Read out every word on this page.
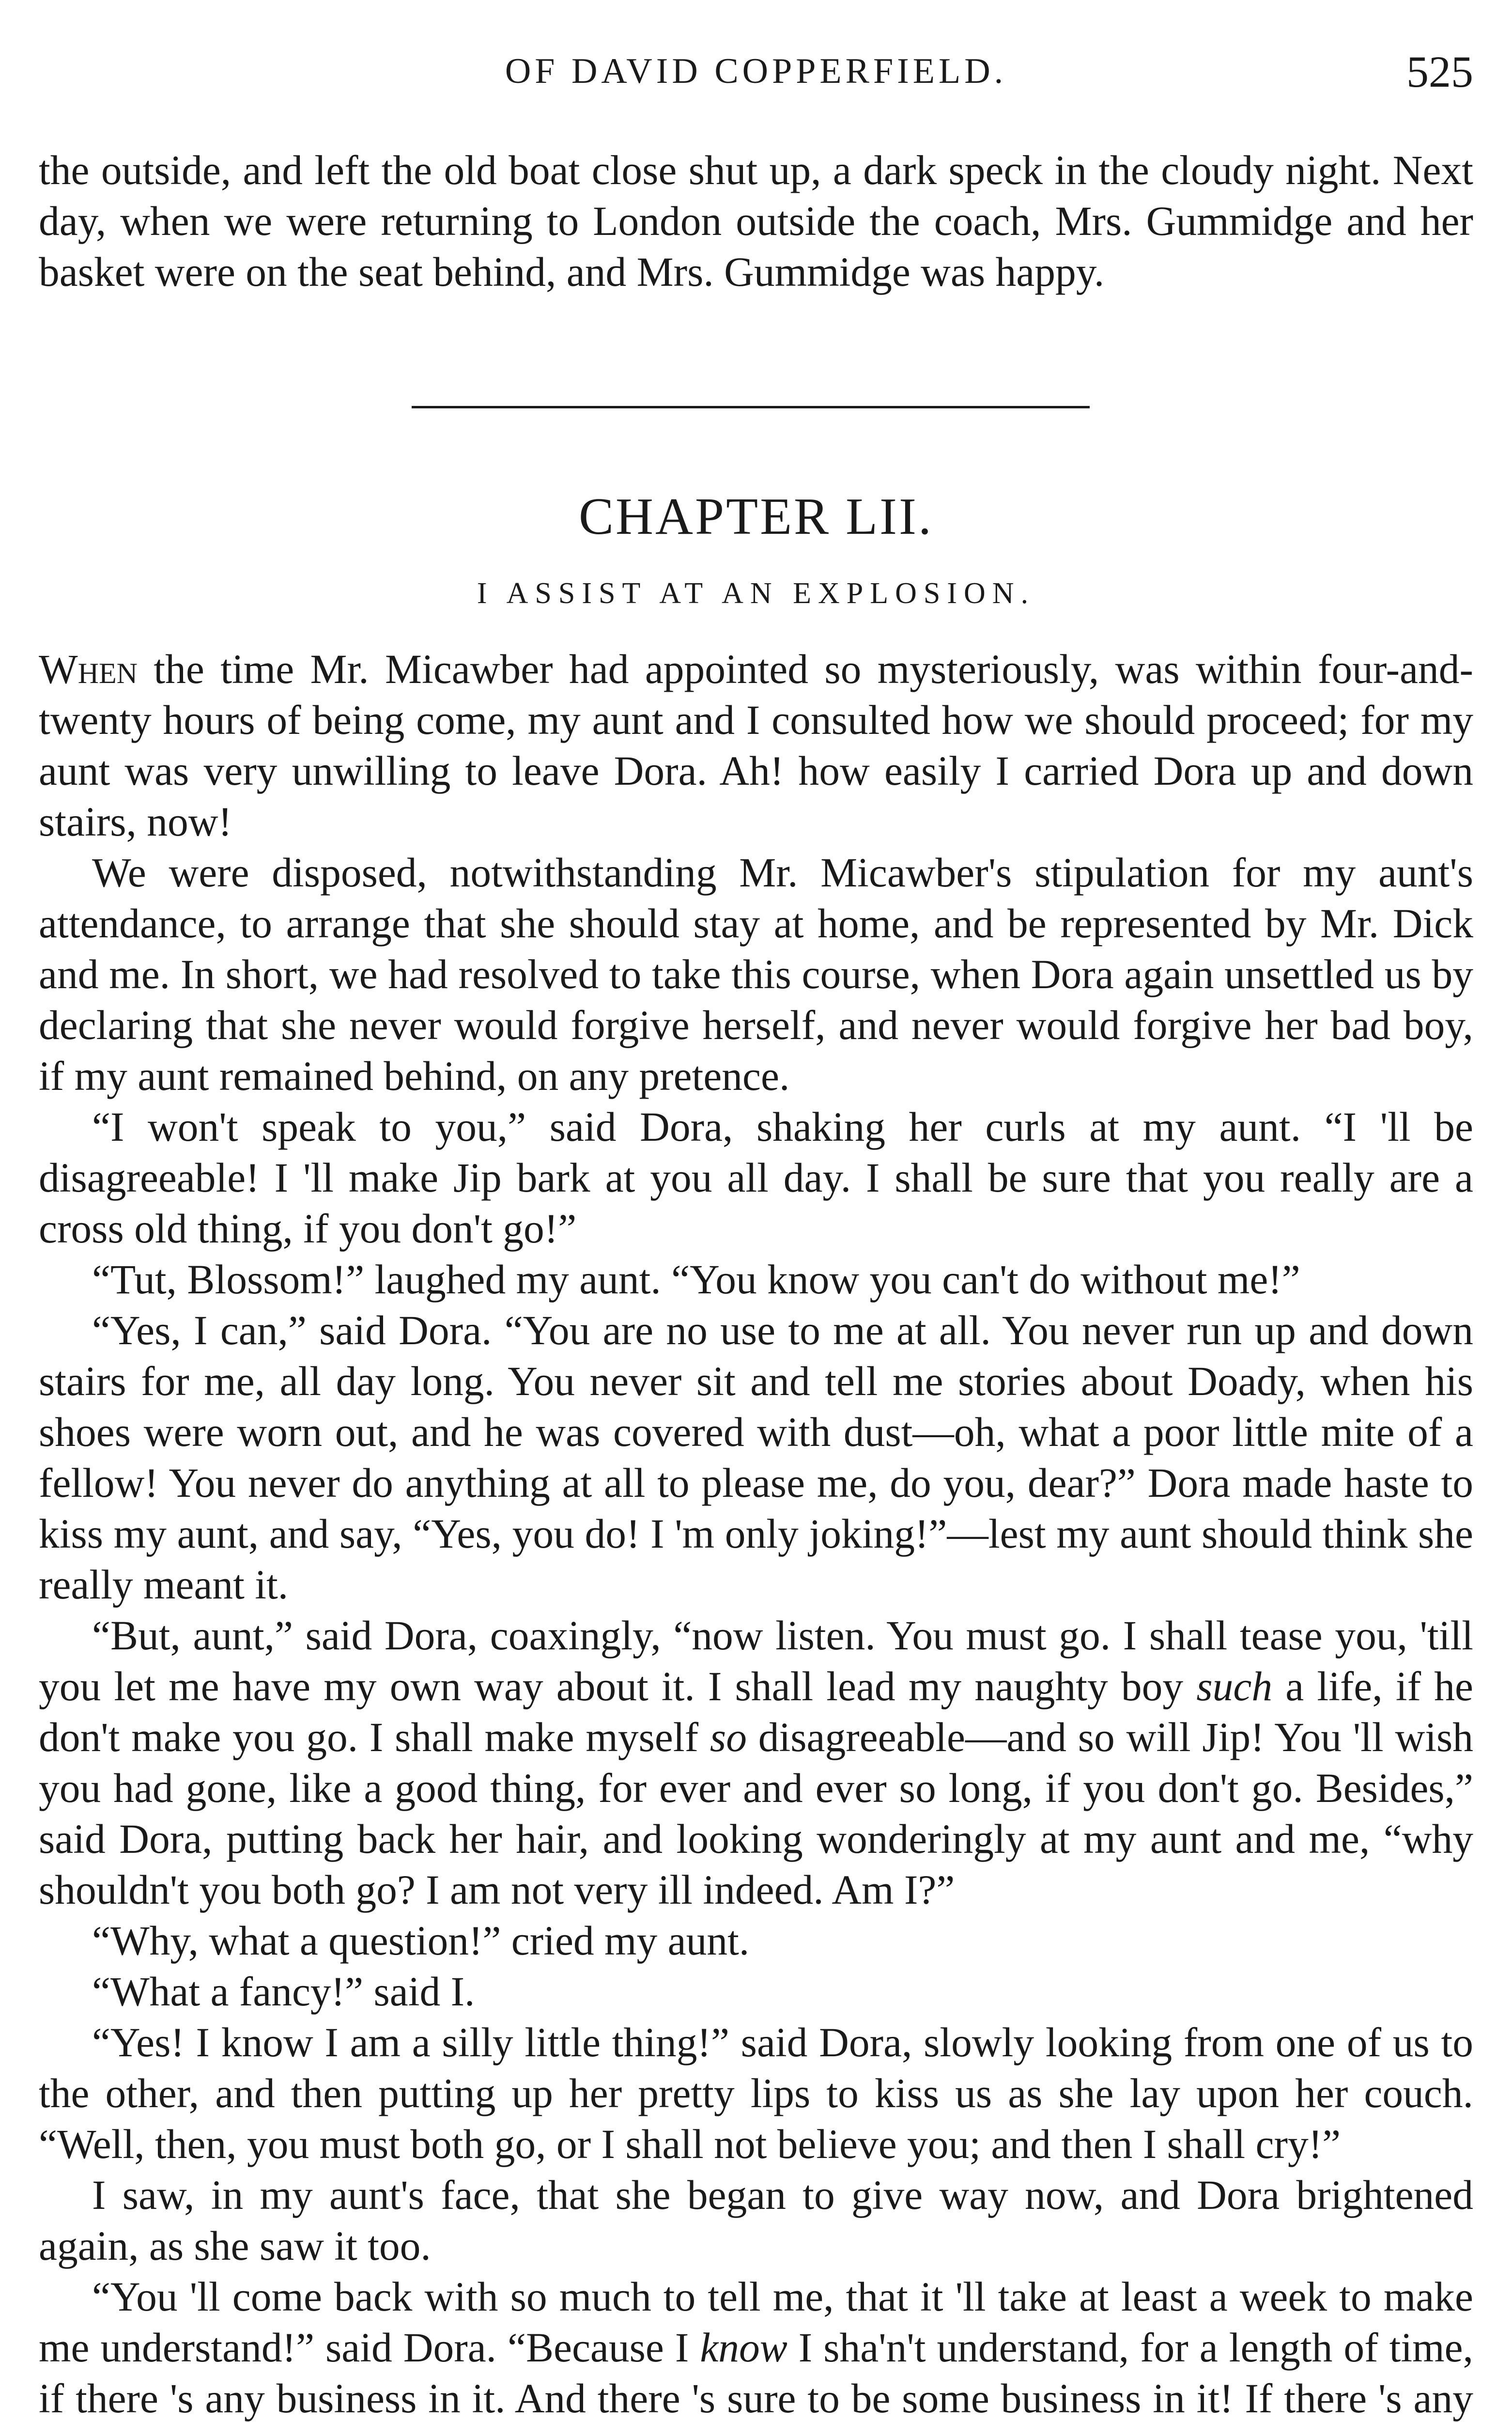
OF DAVID COPPERFIELD.	525

the outside, and left the old boat close shut up, a dark speck in the cloudy night. Next day, when we were returning to London outside the coach, Mrs. Gummidge and her basket were on the seat behind, and Mrs. Gummidge was happy.

CHAPTER LII.
I ASSIST AT AN EXPLOSION.

When the time Mr. Micawber had appointed so mysteriously, was within four-and-twenty hours of being come, my aunt and I consulted how we should proceed; for my aunt was very unwilling to leave Dora. Ah! how easily I carried Dora up and down stairs, now!

We were disposed, notwithstanding Mr. Micawber's stipulation for my aunt's attendance, to arrange that she should stay at home, and be represented by Mr. Dick and me. In short, we had resolved to take this course, when Dora again unsettled us by declaring that she never would forgive herself, and never would forgive her bad boy, if my aunt remained behind, on any pretence.

“I won't speak to you,” said Dora, shaking her curls at my aunt. “I 'll be disagreeable! I 'll make Jip bark at you all day. I shall be sure that you really are a cross old thing, if you don't go!”

“Tut, Blossom!” laughed my aunt. “You know you can't do without me!”

“Yes, I can,” said Dora. “You are no use to me at all. You never run up and down stairs for me, all day long. You never sit and tell me stories about Doady, when his shoes were worn out, and he was covered with dust—oh, what a poor little mite of a fellow! You never do anything at all to please me, do you, dear?” Dora made haste to kiss my aunt, and say, “Yes, you do! I 'm only joking!”—lest my aunt should think she really meant it.

“But, aunt,” said Dora, coaxingly, “now listen. You must go. I shall tease you, 'till you let me have my own way about it. I shall lead my naughty boy such a life, if he don't make you go. I shall make myself so disagreeable—and so will Jip! You 'll wish you had gone, like a good thing, for ever and ever so long, if you don't go. Besides,” said Dora, putting back her hair, and looking wonderingly at my aunt and me, “why shouldn't you both go? I am not very ill indeed. Am I?”

“Why, what a question!” cried my aunt.

“What a fancy!” said I.

“Yes! I know I am a silly little thing!” said Dora, slowly looking from one of us to the other, and then putting up her pretty lips to kiss us as she lay upon her couch. “Well, then, you must both go, or I shall not believe you; and then I shall cry!”

I saw, in my aunt's face, that she began to give way now, and Dora brightened again, as she saw it too.

“You 'll come back with so much to tell me, that it 'll take at least a week to make me understand!” said Dora. “Because I know I sha'n't understand, for a length of time, if there 's any business in it. And there 's sure to be some business in it! If there 's any
